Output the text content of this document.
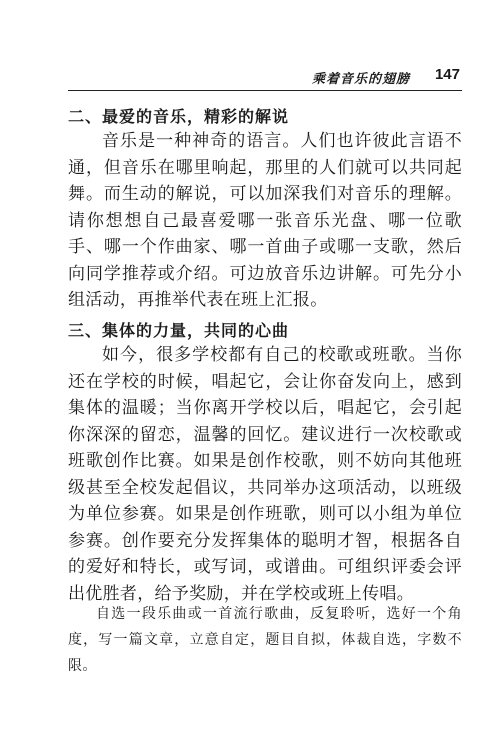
乘着音乐的翅膀 147
二、最爱的音乐，精彩的解说
音乐是一种神奇的语言。人们也许彼此言语不通，但音乐在哪里响起，那里的人们就可以共同起舞。而生动的解说，可以加深我们对音乐的理解。请你想想自己最喜爱哪一张音乐光盘、哪一位歌手、哪一个作曲家、哪一首曲子或哪一支歌，然后向同学推荐或介绍。可边放音乐边讲解。可先分小组活动，再推举代表在班上汇报。
三、集体的力量，共同的心曲
如今，很多学校都有自己的校歌或班歌。当你还在学校的时候，唱起它，会让你奋发向上，感到集体的温暖；当你离开学校以后，唱起它，会引起你深深的留恋，温馨的回忆。建议进行一次校歌或班歌创作比赛。如果是创作校歌，则不妨向其他班级甚至全校发起倡议，共同举办这项活动，以班级为单位参赛。如果是创作班歌，则可以小组为单位参赛。创作要充分发挥集体的聪明才智，根据各自的爱好和特长，或写词，或谱曲。可组织评委会评出优胜者，给予奖励，并在学校或班上传唱。
自选一段乐曲或一首流行歌曲，反复聆听，选好一个角度，写一篇文章，立意自定，题目自拟，体裁自选，字数不限。
